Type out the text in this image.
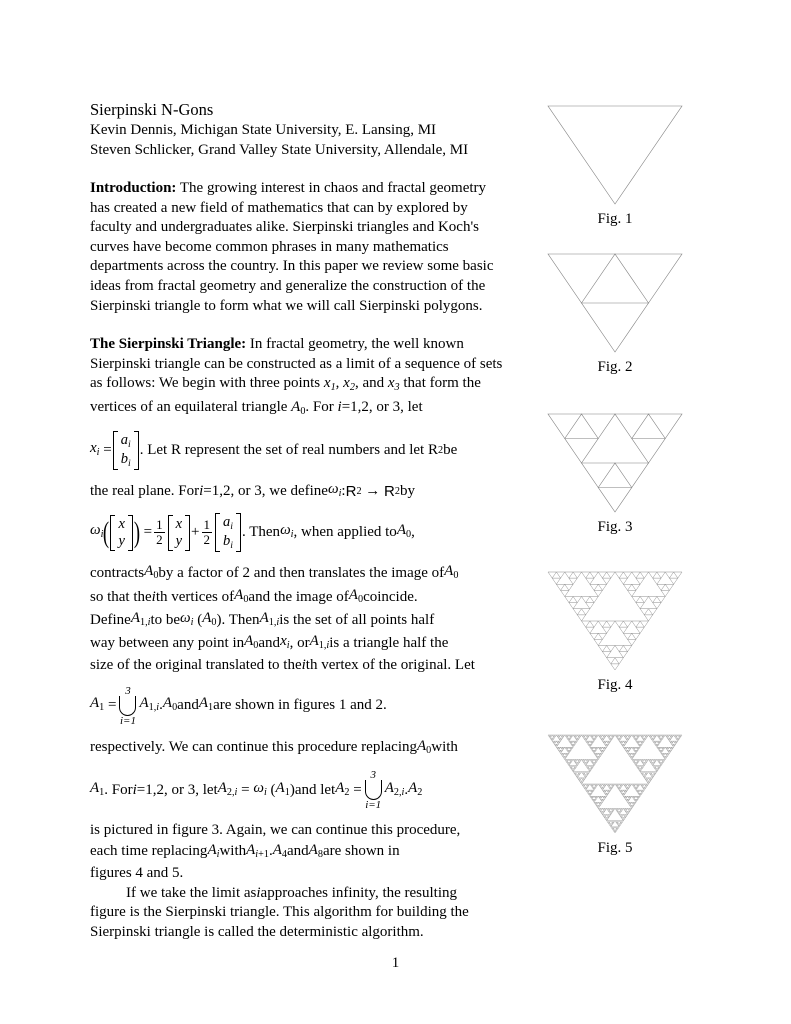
Sierpinski N-Gons
Kevin Dennis, Michigan State University, E. Lansing, MI
Steven Schlicker, Grand Valley State University, Allendale, MI

Introduction: The growing interest in chaos and fractal geometry has created a new field of mathematics that can by explored by faculty and undergraduates alike. Sierpinski triangles and Koch's curves have become common phrases in many mathematics departments across the country. In this paper we review some basic ideas from fractal geometry and generalize the construction of the Sierpinski triangle to form what we will call Sierpinski polygons.

The Sierpinski Triangle: In fractal geometry, the well known Sierpinski triangle can be constructed as a limit of a sequence of sets as follows: We begin with three points $x_1$, $x_2$, and $x_3$ that form the vertices of an equilateral triangle $A_0$. For i=1,2, or 3, let

$x_i$
=
$a_i$
$b_i$
. Let R represent the set of real numbers and let R 2 be
the real plane. For i =1,2, or 3, we define $\omega_i$ : R 2
→
R 2 by
$\omega_i$ ( x
y )
= $\frac{1}{2}$ x
y
+ $\frac{1}{2} a_i$
$b_i$
. Then $\omega_i$ , when applied to $A_0$ ,
contracts $A_0$ by a factor of 2 and then translates the image of $A_0$
so that the i th vertices of $A_0$ and the image of $A_0$ coincide.
Define $A_{1,i}$ to be $\omega_i$
( $A_0$ ) . Then $A_{1,i}$ is the set of all points half
way between any point in $A_0$ and $x_i$ , or $A_{1,i}$ is a triangle half the
size of the original translated to the i th vertex of the original. Let
$A_1$
=
3
i=1
$A_{1,i}$ . $A_0$ and $A_1$ are shown in figures 1 and 2.
respectively. We can continue this procedure replacing $A_0$ with
$A_1$ . For i =1,2, or 3, let $A_{2,i}$
=
$\omega_i$
( $A_1$ ) and let $A_2$
=
3
i=1
$A_{2,i}$ . $A_2$
is pictured in figure 3. Again, we can continue this procedure,
each time replacing $A_i$ with $A_{i+1}$ . $A_4$ and $A_8$ are shown in
figures 4 and 5.
If we take the limit as i approaches infinity, the resulting
figure is the Sierpinski triangle. This algorithm for building the
Sierpinski triangle is called the deterministic algorithm.
Fig. 1
Fig. 2
Fig. 3
Fig. 4
Fig. 5
1
